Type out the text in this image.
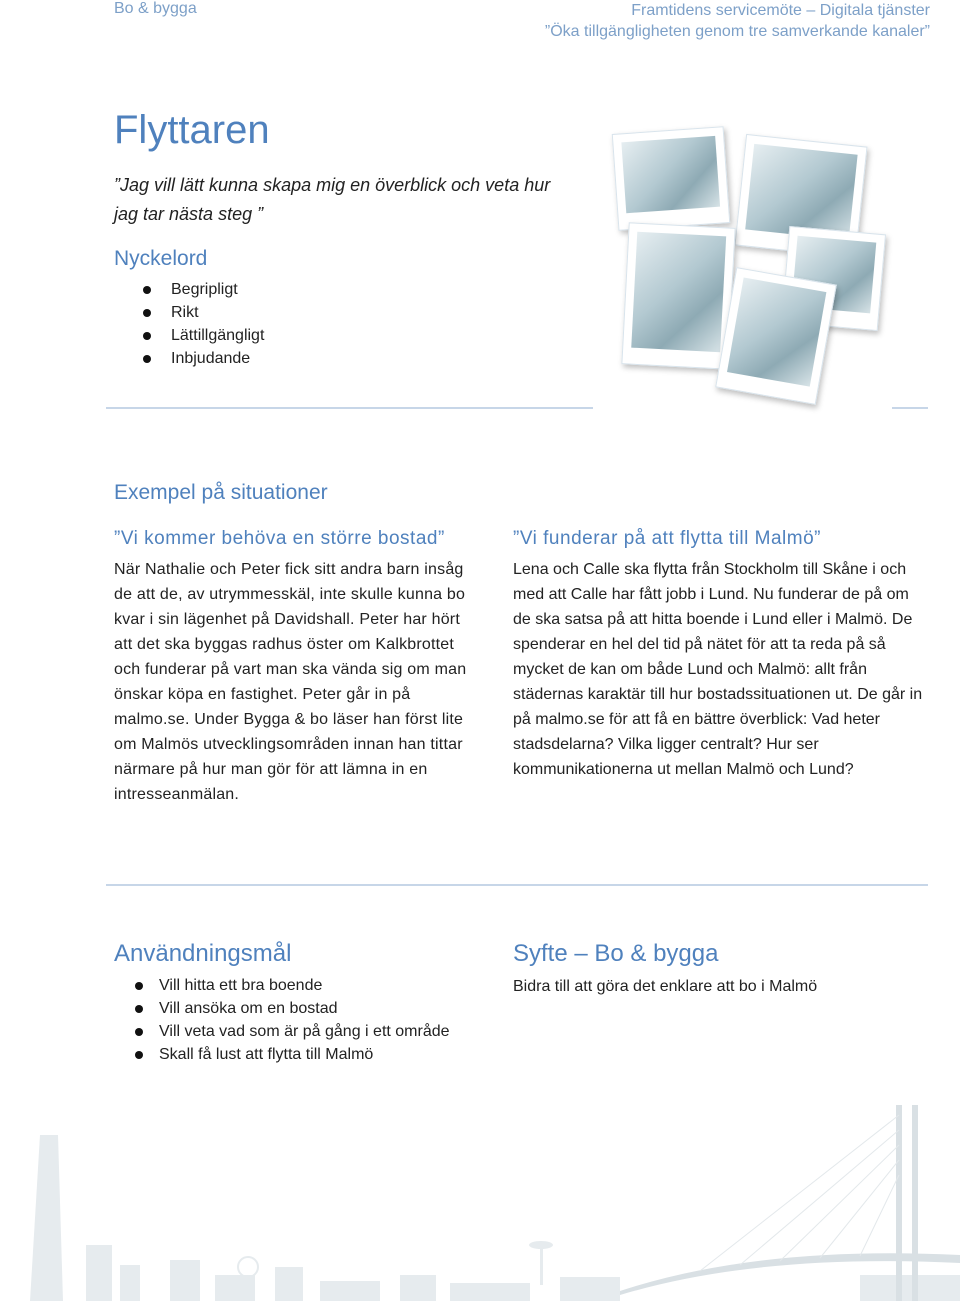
Bo & bygga	Framtidens servicemöte – Digitala tjänster
”Öka tillgängligheten genom tre samverkande kanaler”
Flyttaren
”Jag vill lätt kunna skapa mig en överblick och veta hur jag tar nästa steg ”
Nyckelord
Begripligt
Rikt
Lättillgängligt
Inbjudande
Exempel på situationer
”Vi kommer behöva en större bostad”
När Nathalie och Peter fick sitt andra barn insåg de att de, av utrymmesskäl, inte skulle kunna bo kvar i sin lägenhet på Davidshall. Peter har hört att det ska byggas radhus öster om Kalkbrottet och funderar på vart man ska vända sig om man önskar köpa en fastighet. Peter går in på malmo.se. Under Bygga & bo läser han först lite om Malmös utvecklingsområden innan han tittar närmare på hur man gör för att lämna in en intresseanmälan.
”Vi funderar på att flytta till Malmö”
Lena och Calle ska flytta från Stockholm till Skåne i och med att Calle har fått jobb i Lund. Nu funderar de på om de ska satsa på att hitta boende i Lund eller i Malmö. De spenderar en hel del tid på nätet för att ta reda på så mycket de kan om både Lund och Malmö: allt från städernas karaktär till hur bostadssituationen ut. De går in på malmo.se för att få en bättre överblick: Vad heter stadsdelarna? Vilka ligger centralt? Hur ser kommunikationerna ut mellan Malmö och Lund?
Användningsmål
Vill hitta ett bra boende
Vill ansöka om en bostad
Vill veta vad som är på gång i ett område
Skall få lust att flytta till Malmö
Syfte – Bo & bygga
Bidra till att göra det enklare att bo i Malmö
